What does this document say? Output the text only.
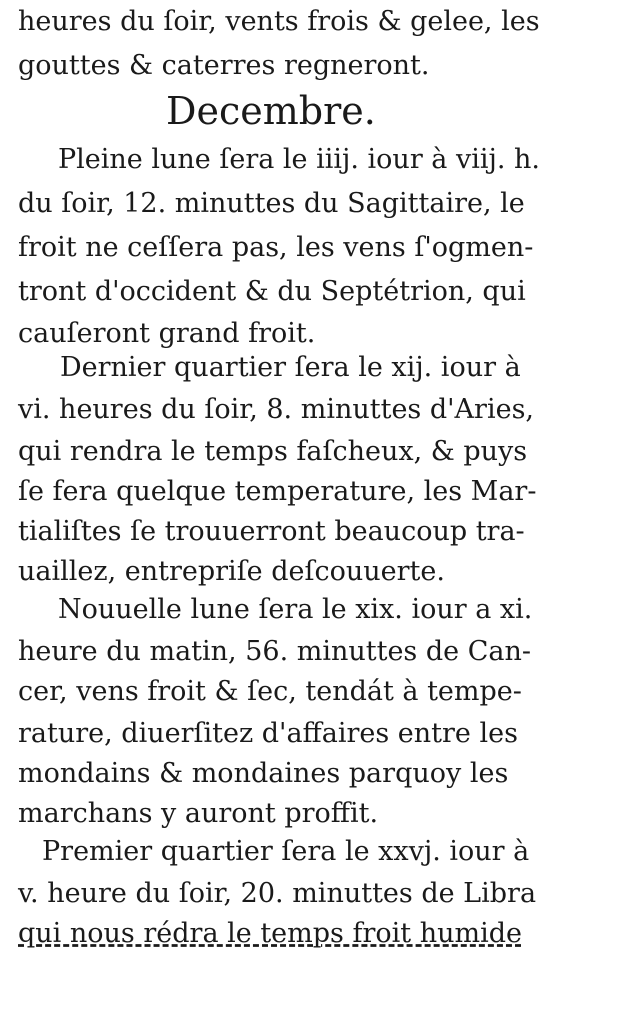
heures du ſoir, vents frois & gelee, les
gouttes & caterres regneront.
Decembre.
Pleine lune ſera le iiij. iour à viij. h.
du ſoir, 12. minuttes du Sagittaire, le
froit ne ceſſera pas, les vens ſ'ogmen-
tront d'occident & du Septétrion, qui
cauſeront grand froit.
Dernier quartier ſera le xij. iour à
vi. heures du ſoir, 8. minuttes d'Aries,
qui rendra le temps faſcheux, & puys
ſe fera quelque temperature, les Mar-
tialiſtes ſe trouuerront beaucoup tra-
uaillez, entrepriſe deſcouuerte.
Nouuelle lune ſera le xix. iour a xi.
heure du matin, 56. minuttes de Can-
cer, vens froit & ſec, tendát à tempe-
rature, diuerſitez d'affaires entre les
mondains & mondaines parquoy les
marchans y auront proffit.
Premier quartier ſera le xxvj. iour à
v. heure du ſoir, 20. minuttes de Libra
qui nous rédra le temps froit humide
